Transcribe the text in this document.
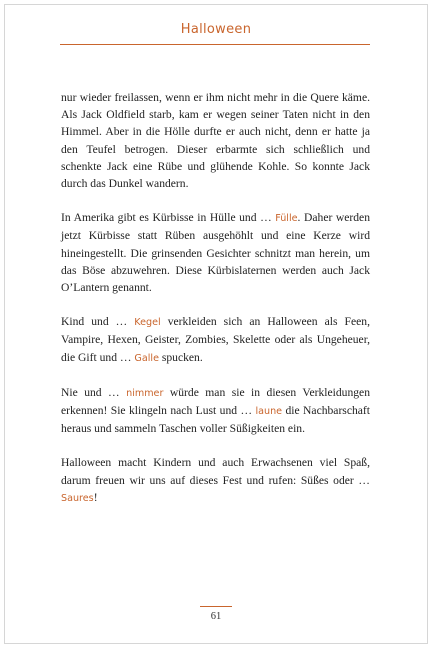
Halloween

nur wieder freilassen, wenn er ihm nicht mehr in die Quere käme. Als Jack Oldfield starb, kam er wegen seiner Taten nicht in den Himmel. Aber in die Hölle durfte er auch nicht, denn er hatte ja den Teufel betrogen. Dieser erbarmte sich schließlich und schenkte Jack eine Rübe und glühende Kohle. So konnte Jack durch das Dunkel wandern.

In Amerika gibt es Kürbisse in Hülle und … Fülle. Daher werden jetzt Kürbisse statt Rüben ausgehöhlt und eine Kerze wird hineingestellt. Die grinsenden Gesichter schnitzt man herein, um das Böse abzuwehren. Diese Kürbislaternen werden auch Jack O’Lantern genannt.

Kind und … Kegel verkleiden sich an Halloween als Feen, Vampire, Hexen, Geister, Zombies, Skelette oder als Ungeheuer, die Gift und … Galle spucken.

Nie und … nimmer würde man sie in diesen Verkleidungen erkennen! Sie klingeln nach Lust und … laune die Nachbarschaft heraus und sammeln Taschen voller Süßigkeiten ein.

Halloween macht Kindern und auch Erwachsenen viel Spaß, darum freuen wir uns auf dieses Fest und rufen: Süßes oder … Saures!

61
